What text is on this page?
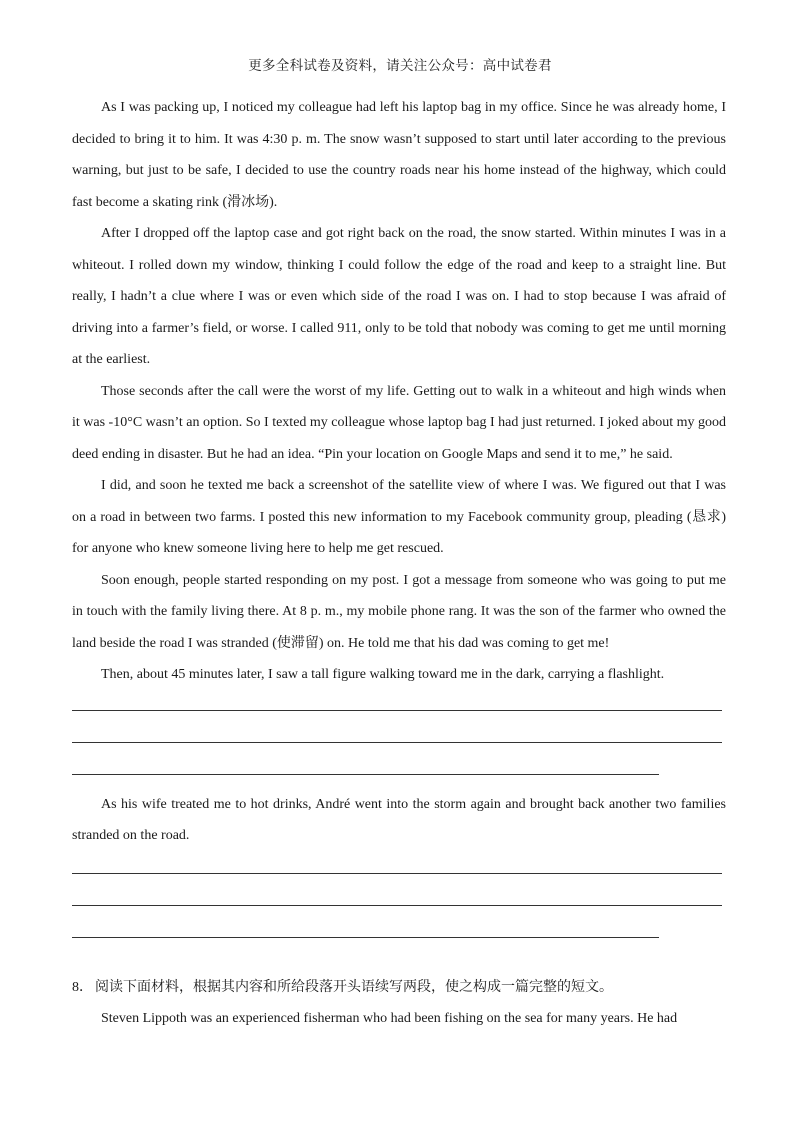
更多全科试卷及资料，请关注公众号：高中试卷君

As I was packing up, I noticed my colleague had left his laptop bag in my office. Since he was already home, I decided to bring it to him. It was 4:30 p. m. The snow wasn’t supposed to start until later according to the previous warning, but just to be safe, I decided to use the country roads near his home instead of the highway, which could fast become a skating rink (滑冰场).

After I dropped off the laptop case and got right back on the road, the snow started. Within minutes I was in a whiteout. I rolled down my window, thinking I could follow the edge of the road and keep to a straight line. But really, I hadn’t a clue where I was or even which side of the road I was on. I had to stop because I was afraid of driving into a farmer’s field, or worse. I called 911, only to be told that nobody was coming to get me until morning at the earliest.

Those seconds after the call were the worst of my life. Getting out to walk in a whiteout and high winds when it was -10°C wasn’t an option. So I texted my colleague whose laptop bag I had just returned. I joked about my good deed ending in disaster. But he had an idea. “Pin your location on Google Maps and send it to me,” he said.

I did, and soon he texted me back a screenshot of the satellite view of where I was. We figured out that I was on a road in between two farms. I posted this new information to my Facebook community group, pleading (恳求) for anyone who knew someone living here to help me get rescued.

Soon enough, people started responding on my post. I got a message from someone who was going to put me in touch with the family living there. At 8 p. m., my mobile phone rang. It was the son of the farmer who owned the land beside the road I was stranded (使滞留) on. He told me that his dad was coming to get me!

Then, about 45 minutes later, I saw a tall figure walking toward me in the dark, carrying a flashlight.

As his wife treated me to hot drinks, André went into the storm again and brought back another two families stranded on the road.

8． 阅读下面材料，根据其内容和所给段落开头语续写两段，使之构成一篇完整的短文。

Steven Lippoth was an experienced fisherman who had been fishing on the sea for many years. He had
